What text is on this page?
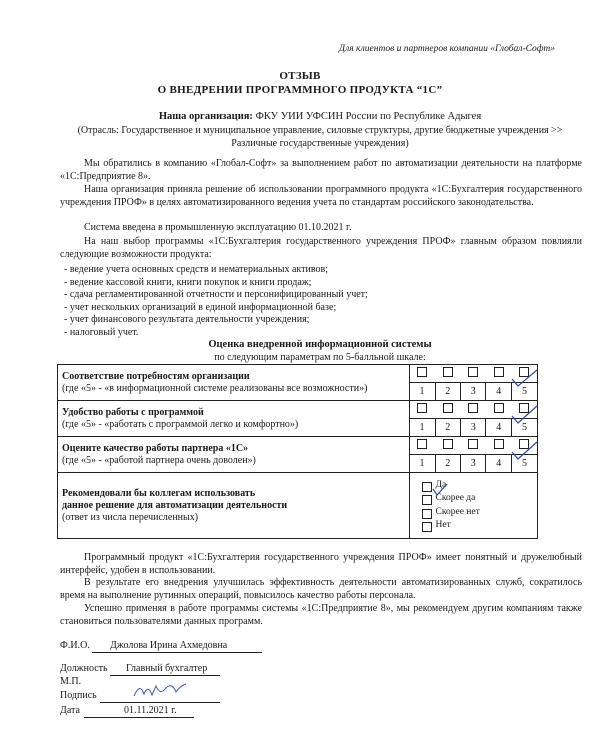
Для клиентов и партнеров компании «Глобал-Софт»
ОТЗЫВ
О ВНЕДРЕНИИ ПРОГРАММНОГО ПРОДУКТА “1С”
Наша организация: ФКУ УИИ УФСИН России по Республике Адыгея
(Отрасль: Государственное и муниципальное управление, силовые структуры, другие бюджетные учреждения >> Различные государственные учреждения)
Мы обратились в компанию «Глобал-Софт» за выполнением работ по автоматизации деятельности на платформе «1С:Предприятие 8».
Наша организация приняла решение об использовании программного продукта «1С:Бухгалтерия государственного учреждения ПРОФ» в целях автоматизированного ведения учета по стандартам российского законодательства.
Система введена в промышленную эксплуатацию 01.10.2021 г.
На наш выбор программы «1С:Бухгалтерия государственного учреждения ПРОФ» главным образом повлияли следующие возможности продукта:
- ведение учета основных средств и нематериальных активов;
- ведение кассовой книги, книги покупок и книги продаж;
- сдача регламентированной отчетности и персонифицированный учет;
- учет нескольких организаций в единой информационной базе;
- учет финансового результата деятельности учреждения;
- налоговый учет.
Оценка внедренной информационной системы
по следующим параметрам по 5-балльной шкале:
Соответствие потребностям организации
(где «5» - «в информационной системе реализованы все возможности»)

					1	2	3	4	5

Удобство работы с программой
(где «5» - «работать с программой легко и комфортно»)

					1	2	3	4	5

Оцените качество работы партнера «1С»
(где «5» - «работой партнера очень доволен»)

					1	2	3	4	5

Рекомендовали бы коллегам использовать
данное решение для автоматизации деятельности
(ответ из числа перечисленных)

Да
Скорее да
Скорее нет
Нет
Программный продукт «1С:Бухгалтерия государственного учреждения ПРОФ» имеет понятный и дружелюбный интерфейс, удобен в использовании.
В результате его внедрения улучшилась эффективность деятельности автоматизированных служб, сократилось время на выполнение рутинных операций, повысилось качество работы персонала.
Успешно применяя в работе программы системы «1С:Предприятие 8», мы рекомендуем другим компаниям также становиться пользователями данных программ.
Ф.И.О. Джолова Ирина Ахмедовна
Должность Главный бухгалтер
М.П.
Подпись
Дата	01.11.2021 г.
